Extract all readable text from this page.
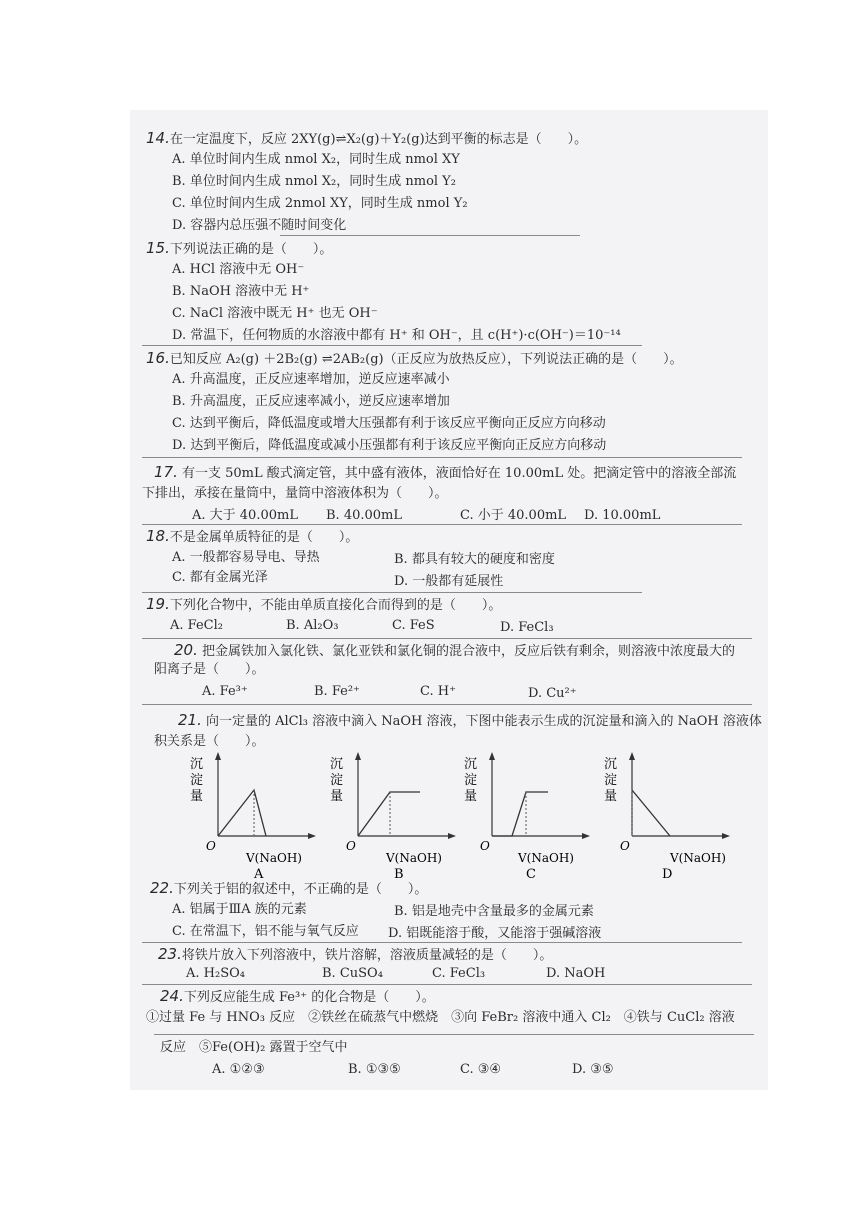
14.在一定温度下，反应 2XY(g)⇌X₂(g)＋Y₂(g)达到平衡的标志是（　　）。
A. 单位时间内生成 nmol X₂，同时生成 nmol XY
B. 单位时间内生成 nmol X₂，同时生成 nmol Y₂
C. 单位时间内生成 2nmol XY，同时生成 nmol Y₂
D. 容器内总压强不随时间变化
15.下列说法正确的是（　　）。
A. HCl 溶液中无 OH⁻
B. NaOH 溶液中无 H⁺
C. NaCl 溶液中既无 H⁺ 也无 OH⁻
D. 常温下，任何物质的水溶液中都有 H⁺ 和 OH⁻，且 c(H⁺)·c(OH⁻)＝10⁻¹⁴
16.已知反应 A₂(g) ＋2B₂(g) ⇌2AB₂(g)（正反应为放热反应），下列说法正确的是（　　）。
A. 升高温度，正反应速率增加，逆反应速率减小
B. 升高温度，正反应速率减小，逆反应速率增加
C. 达到平衡后，降低温度或增大压强都有利于该反应平衡向正反应方向移动
D. 达到平衡后，降低温度或减小压强都有利于该反应平衡向正反应方向移动
17. 有一支 50mL 酸式滴定管，其中盛有液体，液面恰好在 10.00mL 处。把滴定管中的溶液全部流
下排出，承接在量筒中，量筒中溶液体积为（　　）。
A. 大于 40.00mL B. 40.00mL	C. 小于 40.00mL D. 10.00mL
18.不是金属单质特征的是（　　）。
A. 一般都容易导电、导热	B. 都具有较大的硬度和密度
C. 都有金属光泽	D. 一般都有延展性
19.下列化合物中，不能由单质直接化合而得到的是（　　）。
A. FeCl₂	B. Al₂O₃	C. FeS	D. FeCl₃
20. 把金属铁加入氯化铁、氯化亚铁和氯化铜的混合液中，反应后铁有剩余，则溶液中浓度最大的
阳离子是（　　）。
A. Fe³⁺	B. Fe²⁺	C. H⁺	D. Cu²⁺
21. 向一定量的 AlCl₃ 溶液中滴入 NaOH 溶液，下图中能表示生成的沉淀量和滴入的 NaOH 溶液体
积关系是（　　）。
沉
淀
量
O
V(NaOH)
A
沉
淀
量
O
V(NaOH)
B
沉
淀
量
O
V(NaOH)
C
沉
淀
量
O
V(NaOH)
D
22.下列关于铝的叙述中，不正确的是（　　）。
A. 铝属于ⅢA 族的元素	B. 铝是地壳中含量最多的金属元素
C. 在常温下，铝不能与氧气反应 D. 铝既能溶于酸，又能溶于强碱溶液
23.将铁片放入下列溶液中，铁片溶解，溶液质量减轻的是（　　）。
A. H₂SO₄	B. CuSO₄	C. FeCl₃	D. NaOH
24.下列反应能生成 Fe³⁺ 的化合物是（　　）。
①过量 Fe 与 HNO₃ 反应　②铁丝在硫蒸气中燃烧　③向 FeBr₂ 溶液中通入 Cl₂　④铁与 CuCl₂ 溶液
反应　⑤Fe(OH)₂ 露置于空气中
A. ①②③	B. ①③⑤	C. ③④	D. ③⑤
